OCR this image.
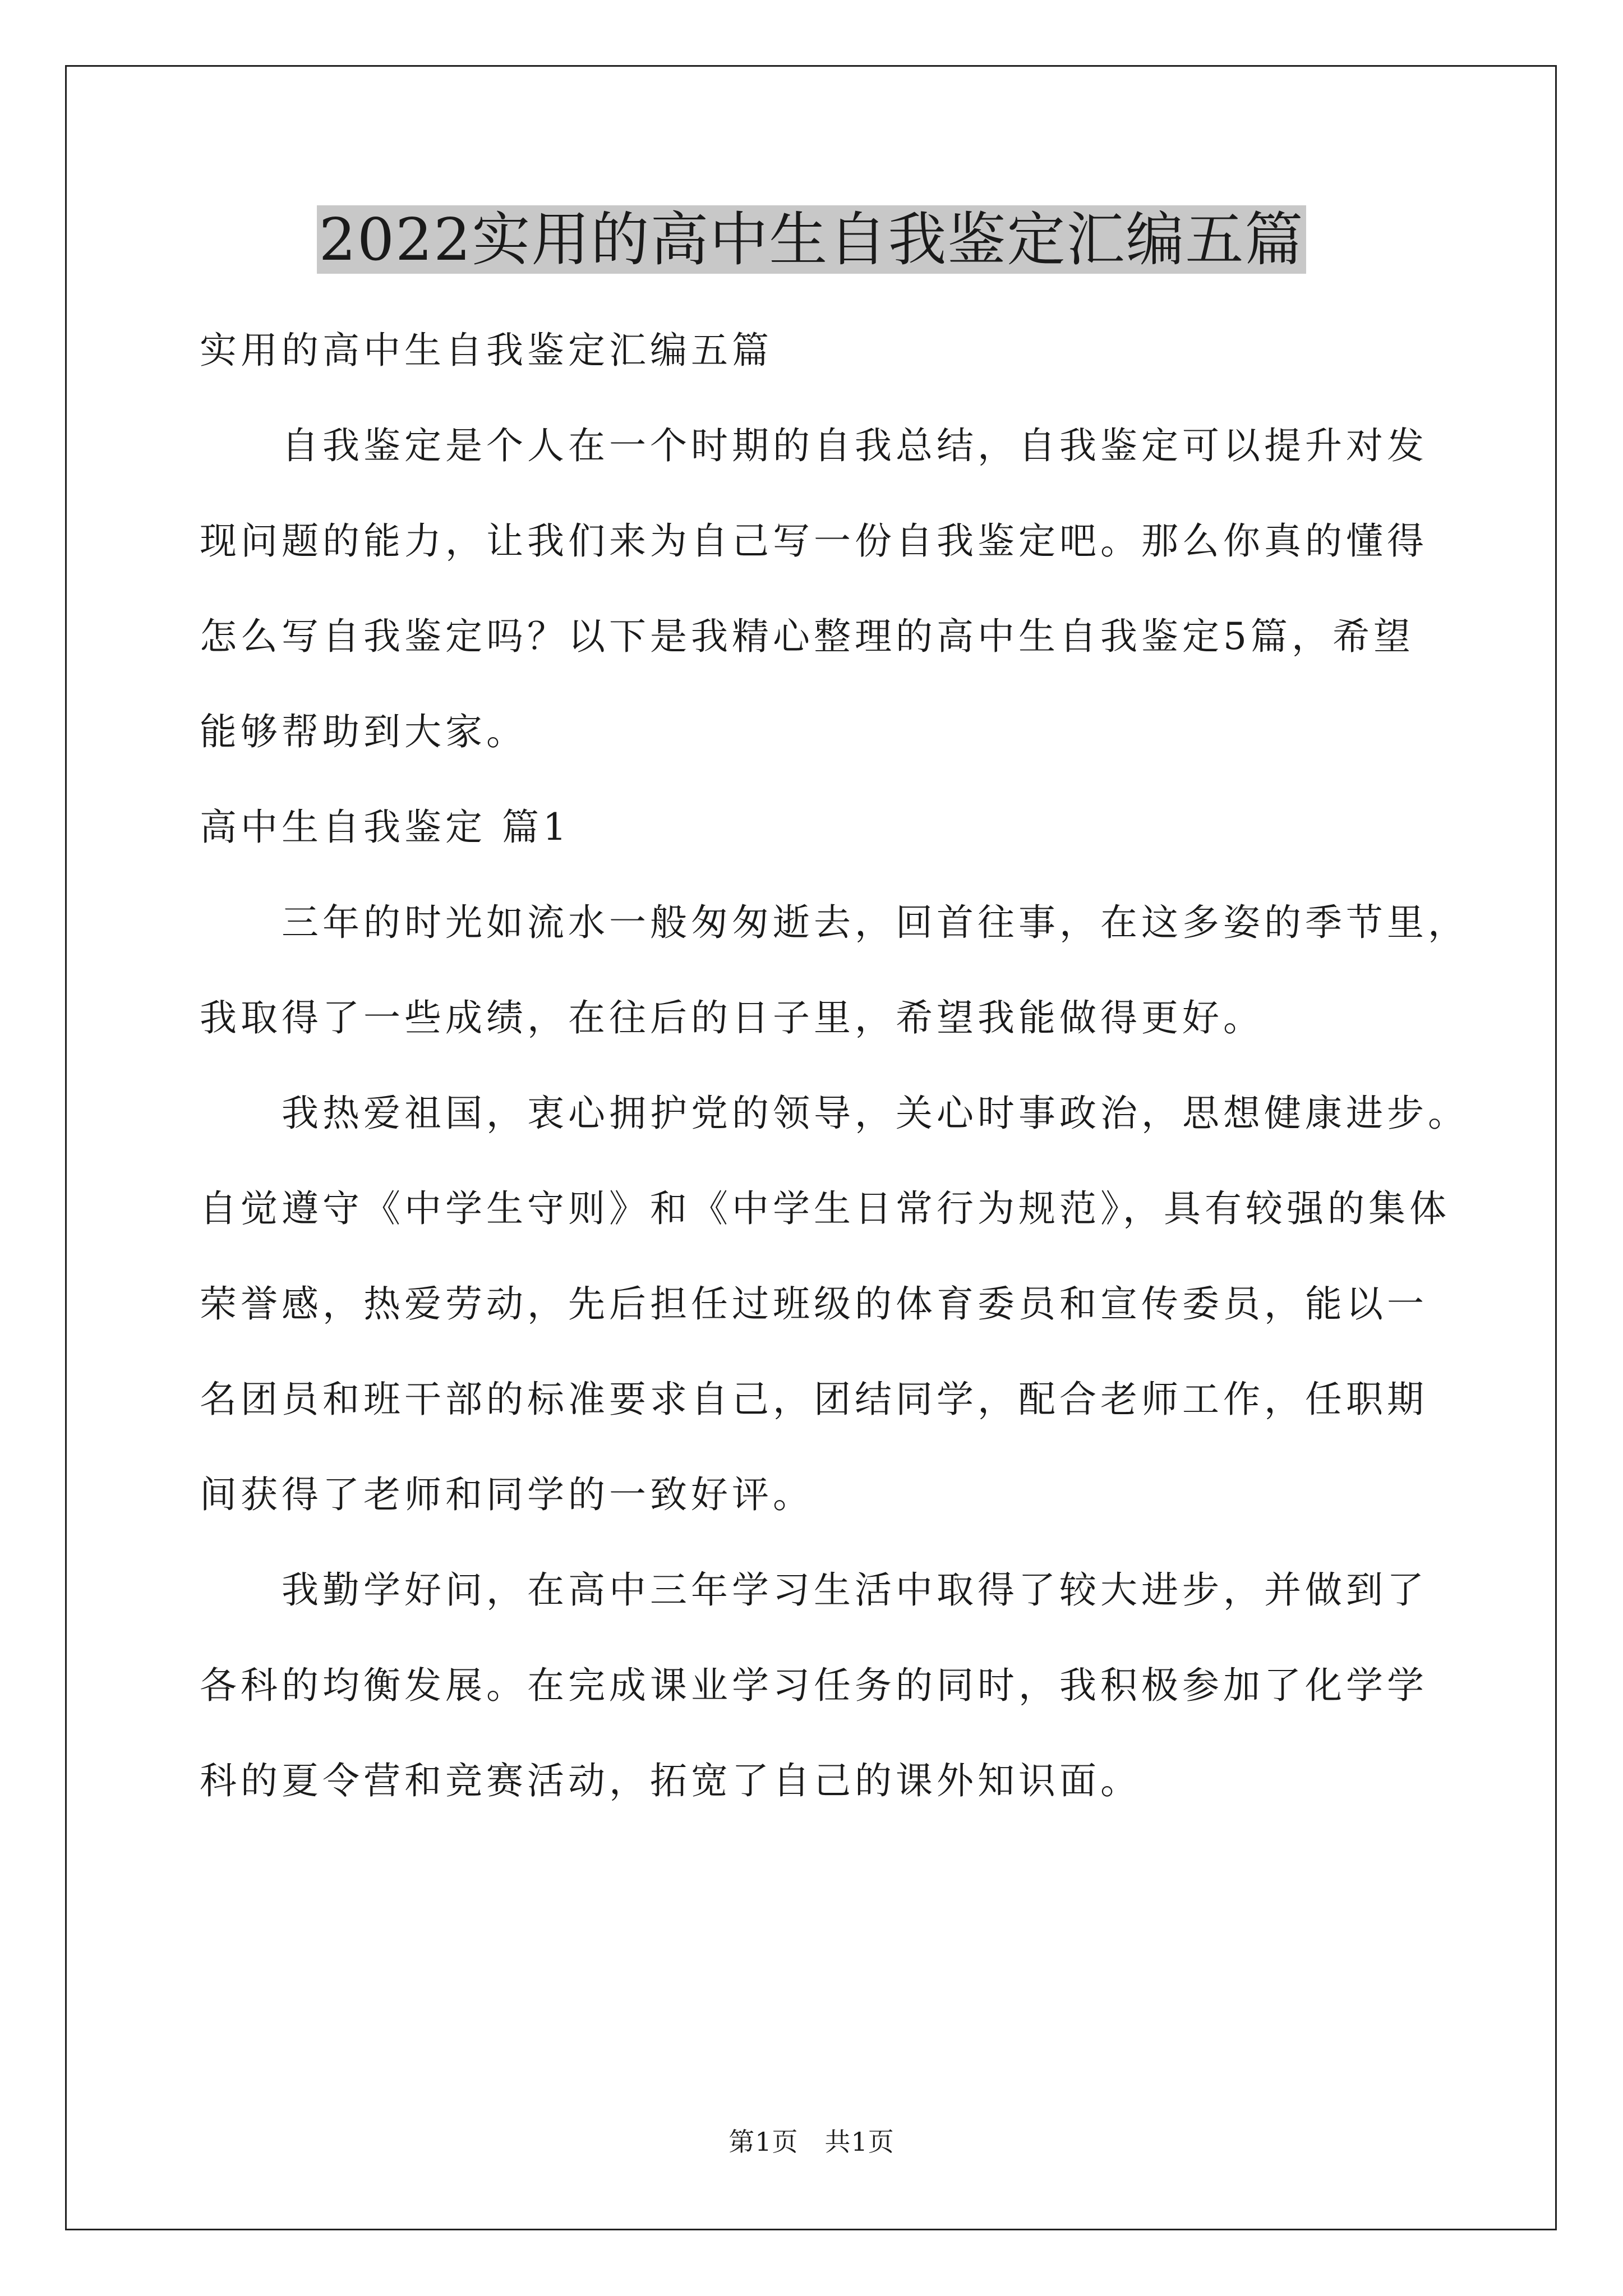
2022实用的高中生自我鉴定汇编五篇
实用的高中生自我鉴定汇编五篇
　　自我鉴定是个人在一个时期的自我总结，自我鉴定可以提升对发
现问题的能力，让我们来为自己写一份自我鉴定吧。那么你真的懂得
怎么写自我鉴定吗？以下是我精心整理的高中生自我鉴定5篇，希望
能够帮助到大家。
高中生自我鉴定 篇1
　　三年的时光如流水一般匆匆逝去，回首往事，在这多姿的季节里，
我取得了一些成绩，在往后的日子里，希望我能做得更好。
　　我热爱祖国，衷心拥护党的领导，关心时事政治，思想健康进步。
自觉遵守《中学生守则》和《中学生日常行为规范》，具有较强的集体
荣誉感，热爱劳动，先后担任过班级的体育委员和宣传委员，能以一
名团员和班干部的标准要求自己，团结同学，配合老师工作，任职期
间获得了老师和同学的一致好评。
　　我勤学好问，在高中三年学习生活中取得了较大进步，并做到了
各科的均衡发展。在完成课业学习任务的同时，我积极参加了化学学
科的夏令营和竞赛活动，拓宽了自己的课外知识面。
第1页　共1页
